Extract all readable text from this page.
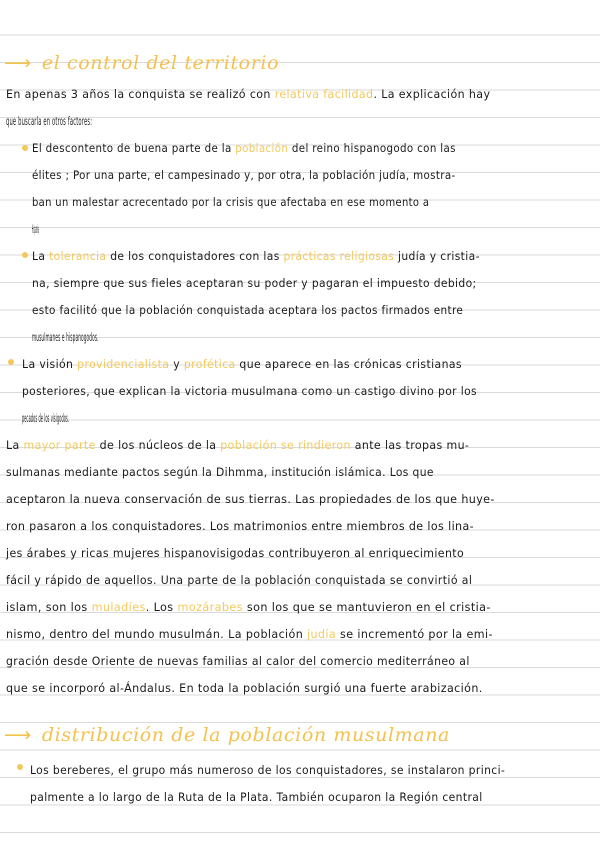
⟶ el control del territorio
⟶ distribución de la población musulmana
En apenas 3 años la conquista se realizó con relativa facilidad. La explicación hay
que buscarla en otros factores:
El descontento de buena parte de la población del reino hispanogodo con las
élites ; Por una parte, el campesinado y, por otra, la población judía, mostra-
ban un malestar acrecentado por la crisis que afectaba en ese momento a
Hispania
La tolerancia de los conquistadores con las prácticas religiosas judía y cristia-
na, siempre que sus fieles aceptaran su poder y pagaran el impuesto debido;
esto facilitó que la población conquistada aceptara los pactos firmados entre
musulmanes e hispanogodos.
La visión providencialista y profética que aparece en las crónicas cristianas
posteriores, que explican la victoria musulmana como un castigo divino por los
pecados de los visigodos.
La mayor parte de los núcleos de la población se rindieron ante las tropas mu-
sulmanas mediante pactos según la Dihmma, institución islámica. Los que
aceptaron la nueva conservación de sus tierras. Las propiedades de los que huye-
ron pasaron a los conquistadores. Los matrimonios entre miembros de los lina-
jes árabes y ricas mujeres hispanovisigodas contribuyeron al enriquecimiento
fácil y rápido de aquellos. Una parte de la población conquistada se convirtió al
islam, son los muladíes. Los mozárabes son los que se mantuvieron en el cristia-
nismo, dentro del mundo musulmán. La población judía se incrementó por la emi-
gración desde Oriente de nuevas familias al calor del comercio mediterráneo al
que se incorporó al-Ándalus. En toda la población surgió una fuerte arabización.
Los bereberes, el grupo más numeroso de los conquistadores, se instalaron princi-
palmente a lo largo de la Ruta de la Plata. También ocuparon la Región central
